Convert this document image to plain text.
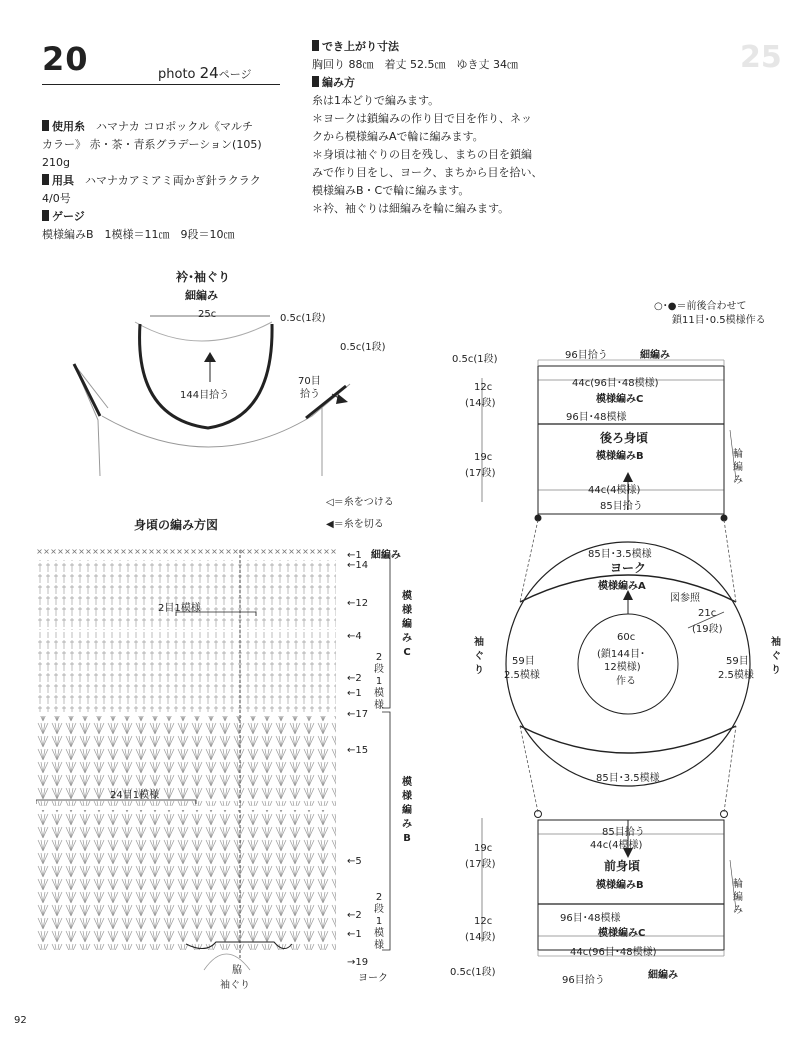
20	photo 24ページ
使用糸　 ハマナカ コロポックル《マルチ
カラー》 赤・茶・青系グラデーション(105)
210g
用具　 ハマナカアミアミ両かぎ針ラクラク
4/0号
ゲージ
模様編みB　1模様＝11㎝　9段＝10㎝
でき上がり寸法
胸回り 88㎝　着丈 52.5㎝　ゆき丈 34㎝
編み方
糸は1本どりで編みます。
＊ヨークは鎖編みの作り目で目を作り、ネッ
クから模様編みAで輪に編みます。
＊身頃は袖ぐりの目を残し、まちの目を鎖編
みで作り目をし、ヨーク、まちから目を拾い、
模様編みB・Cで輪に編みます。
＊衿、袖ぐりは細編みを輪に編みます。
25
衿･袖ぐり
細編み
25c	0.5c(1段)
0.5c(1段)
144目拾う
70目
拾う
◁＝糸をつける
◀＝糸を切る
身頃の編み方図
2目1模様
24目1模様
脇
袖ぐり
←1 細編み
←14
←12
←4
←2
←1
←17
←15
←5
←2
←1
→19
ヨーク
模
様
編
み
C
模
様
編
み
B
2
段
1
模
様
2
段
1
模
様
○･●＝前後合わせて
鎖11目･0.5模様作る
0.5c(1段)	96目拾う	細編み
44c(96目･48模様)
模様編みC
96目･48模様
後ろ身頃
模様編みB
12c
(14段)
19c
(17段)
輪
編
み
44c(4模様)
85目拾う
85目･3.5模様
ヨーク
模様編みA
図参照
21c
(19段)
60c
(鎖144目･
12模様)
作る
袖
ぐ
り
袖
ぐ
り
59目
2.5模様
59目
2.5模様
85目･3.5模様
85目拾う
44c(4模様)
前身頃
模様編みB
19c
(17段)
12c
(14段)
輪
編
み
96目･48模様
模様編みC
44c(96目･48模様)
0.5c(1段)
96目拾う	細編み
92
